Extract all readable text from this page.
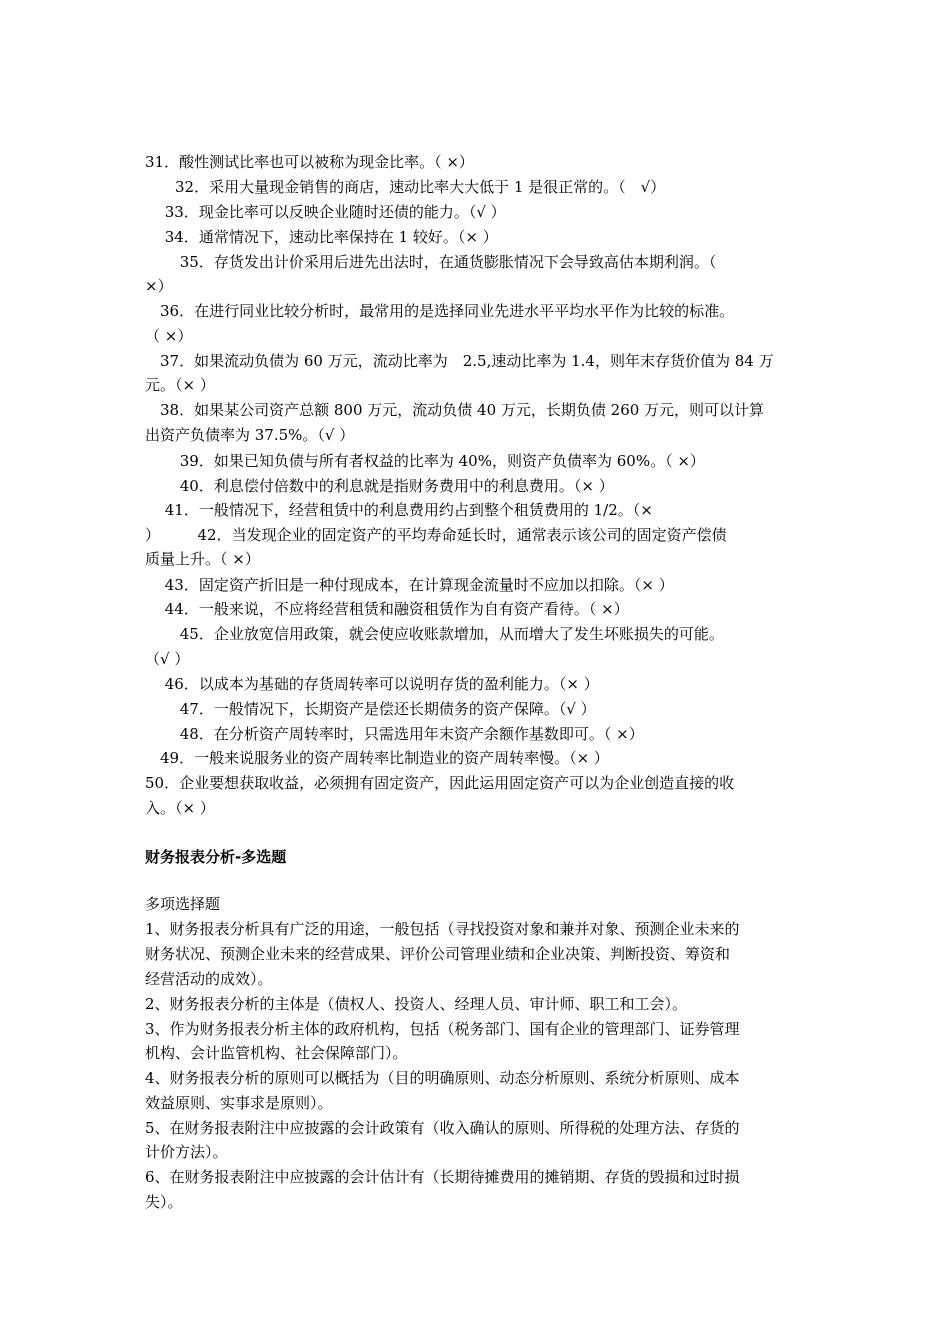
31．酸性测试比率也可以被称为现金比率。（ ×）
　　32．采用大量现金销售的商店，速动比率大大低于 1 是很正常的。（　√）
　 33．现金比率可以反映企业随时还债的能力。（√ ）
　 34．通常情况下，速动比率保持在 1 较好。（× ）
　　 35．存货发出计价采用后进先出法时，在通货膨胀情况下会导致高估本期利润。（
×）
　36．在进行同业比较分析时，最常用的是选择同业先进水平平均水平作为比较的标准。
（ ×）
　37．如果流动负债为 60 万元，流动比率为　2.5,速动比率为 1.4，则年末存货价值为 84 万
元。（× ）
　38．如果某公司资产总额 800 万元，流动负债 40 万元，长期负债 260 万元，则可以计算
出资产负债率为 37.5%。（√ ）
　　 39．如果已知负债与所有者权益的比率为 40%，则资产负债率为 60%。（ ×）
　　 40．利息偿付倍数中的利息就是指财务费用中的利息费用。（× ）
　 41．一般情况下，经营租赁中的利息费用约占到整个租赁费用的 1/2。（×
）　　　42．当发现企业的固定资产的平均寿命延长时，通常表示该公司的固定资产偿债
质量上升。（ ×）
　 43．固定资产折旧是一种付现成本，在计算现金流量时不应加以扣除。（× ）
　 44．一般来说，不应将经营租赁和融资租赁作为自有资产看待。（ ×）
　　 45．企业放宽信用政策，就会使应收账款增加，从而增大了发生坏账损失的可能。
（√ ）
　 46．以成本为基础的存货周转率可以说明存货的盈利能力。（× ）
　　 47．一般情况下，长期资产是偿还长期债务的资产保障。（√ ）
　　 48．在分析资产周转率时，只需选用年末资产余额作基数即可。（ ×）
　49．一般来说服务业的资产周转率比制造业的资产周转率慢。（× ）
50．企业要想获取收益，必须拥有固定资产，因此运用固定资产可以为企业创造直接的收
入。（× ）
财务报表分析-多选题
多项选择题
1、财务报表分析具有广泛的用途，一般包括（寻找投资对象和兼并对象、预测企业未来的
财务状况、预测企业未来的经营成果、评价公司管理业绩和企业决策、判断投资、筹资和
经营活动的成效）。
2、财务报表分析的主体是（债权人、投资人、经理人员、审计师、职工和工会）。
3、作为财务报表分析主体的政府机构，包括（税务部门、国有企业的管理部门、证券管理
机构、会计监管机构、社会保障部门）。
4、财务报表分析的原则可以概括为（目的明确原则、动态分析原则、系统分析原则、成本
效益原则、实事求是原则）。
5、在财务报表附注中应披露的会计政策有（收入确认的原则、所得税的处理方法、存货的
计价方法）。
6、在财务报表附注中应披露的会计估计有（长期待摊费用的摊销期、存货的毁损和过时损
失）。
